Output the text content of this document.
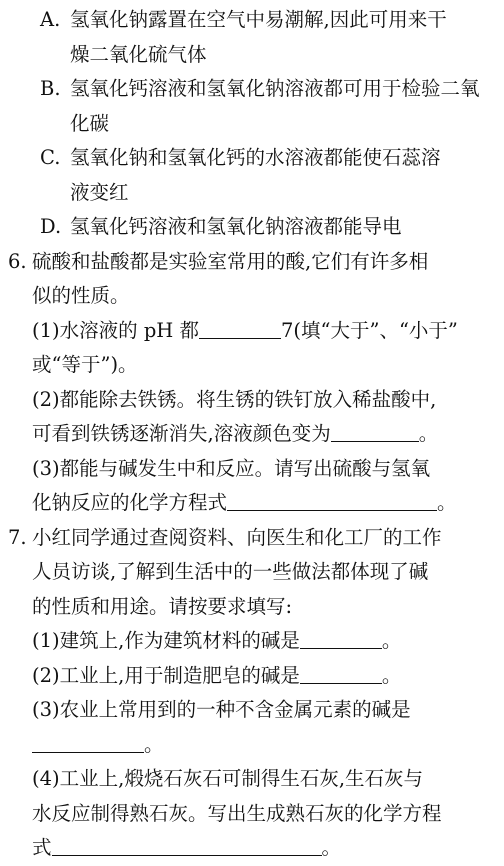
A. 氢氧化钠露置在空气中易潮解,因此可用来干
燥二氧化硫气体
B. 氢氧化钙溶液和氢氧化钠溶液都可用于检验二氧
化碳
C. 氢氧化钠和氢氧化钙的水溶液都能使石蕊溶
液变红
D. 氢氧化钙溶液和氢氧化钠溶液都能导电
6. 硫酸和盐酸都是实验室常用的酸,它们有许多相
似的性质。
(1)水溶液的 pH 都	7(填“大于”、“小于”
或“等于”)。
(2)都能除去铁锈。将生锈的铁钉放入稀盐酸中,
可看到铁锈逐渐消失,溶液颜色变为	。
(3)都能与碱发生中和反应。请写出硫酸与氢氧
化钠反应的化学方程式	。
7. 小红同学通过查阅资料、向医生和化工厂的工作
人员访谈,了解到生活中的一些做法都体现了碱
的性质和用途。请按要求填写:
(1)建筑上,作为建筑材料的碱是	。
(2)工业上,用于制造肥皂的碱是	。
(3)农业上常用到的一种不含金属元素的碱是
。
(4)工业上,煅烧石灰石可制得生石灰,生石灰与
水反应制得熟石灰。写出生成熟石灰的化学方程
式	。
